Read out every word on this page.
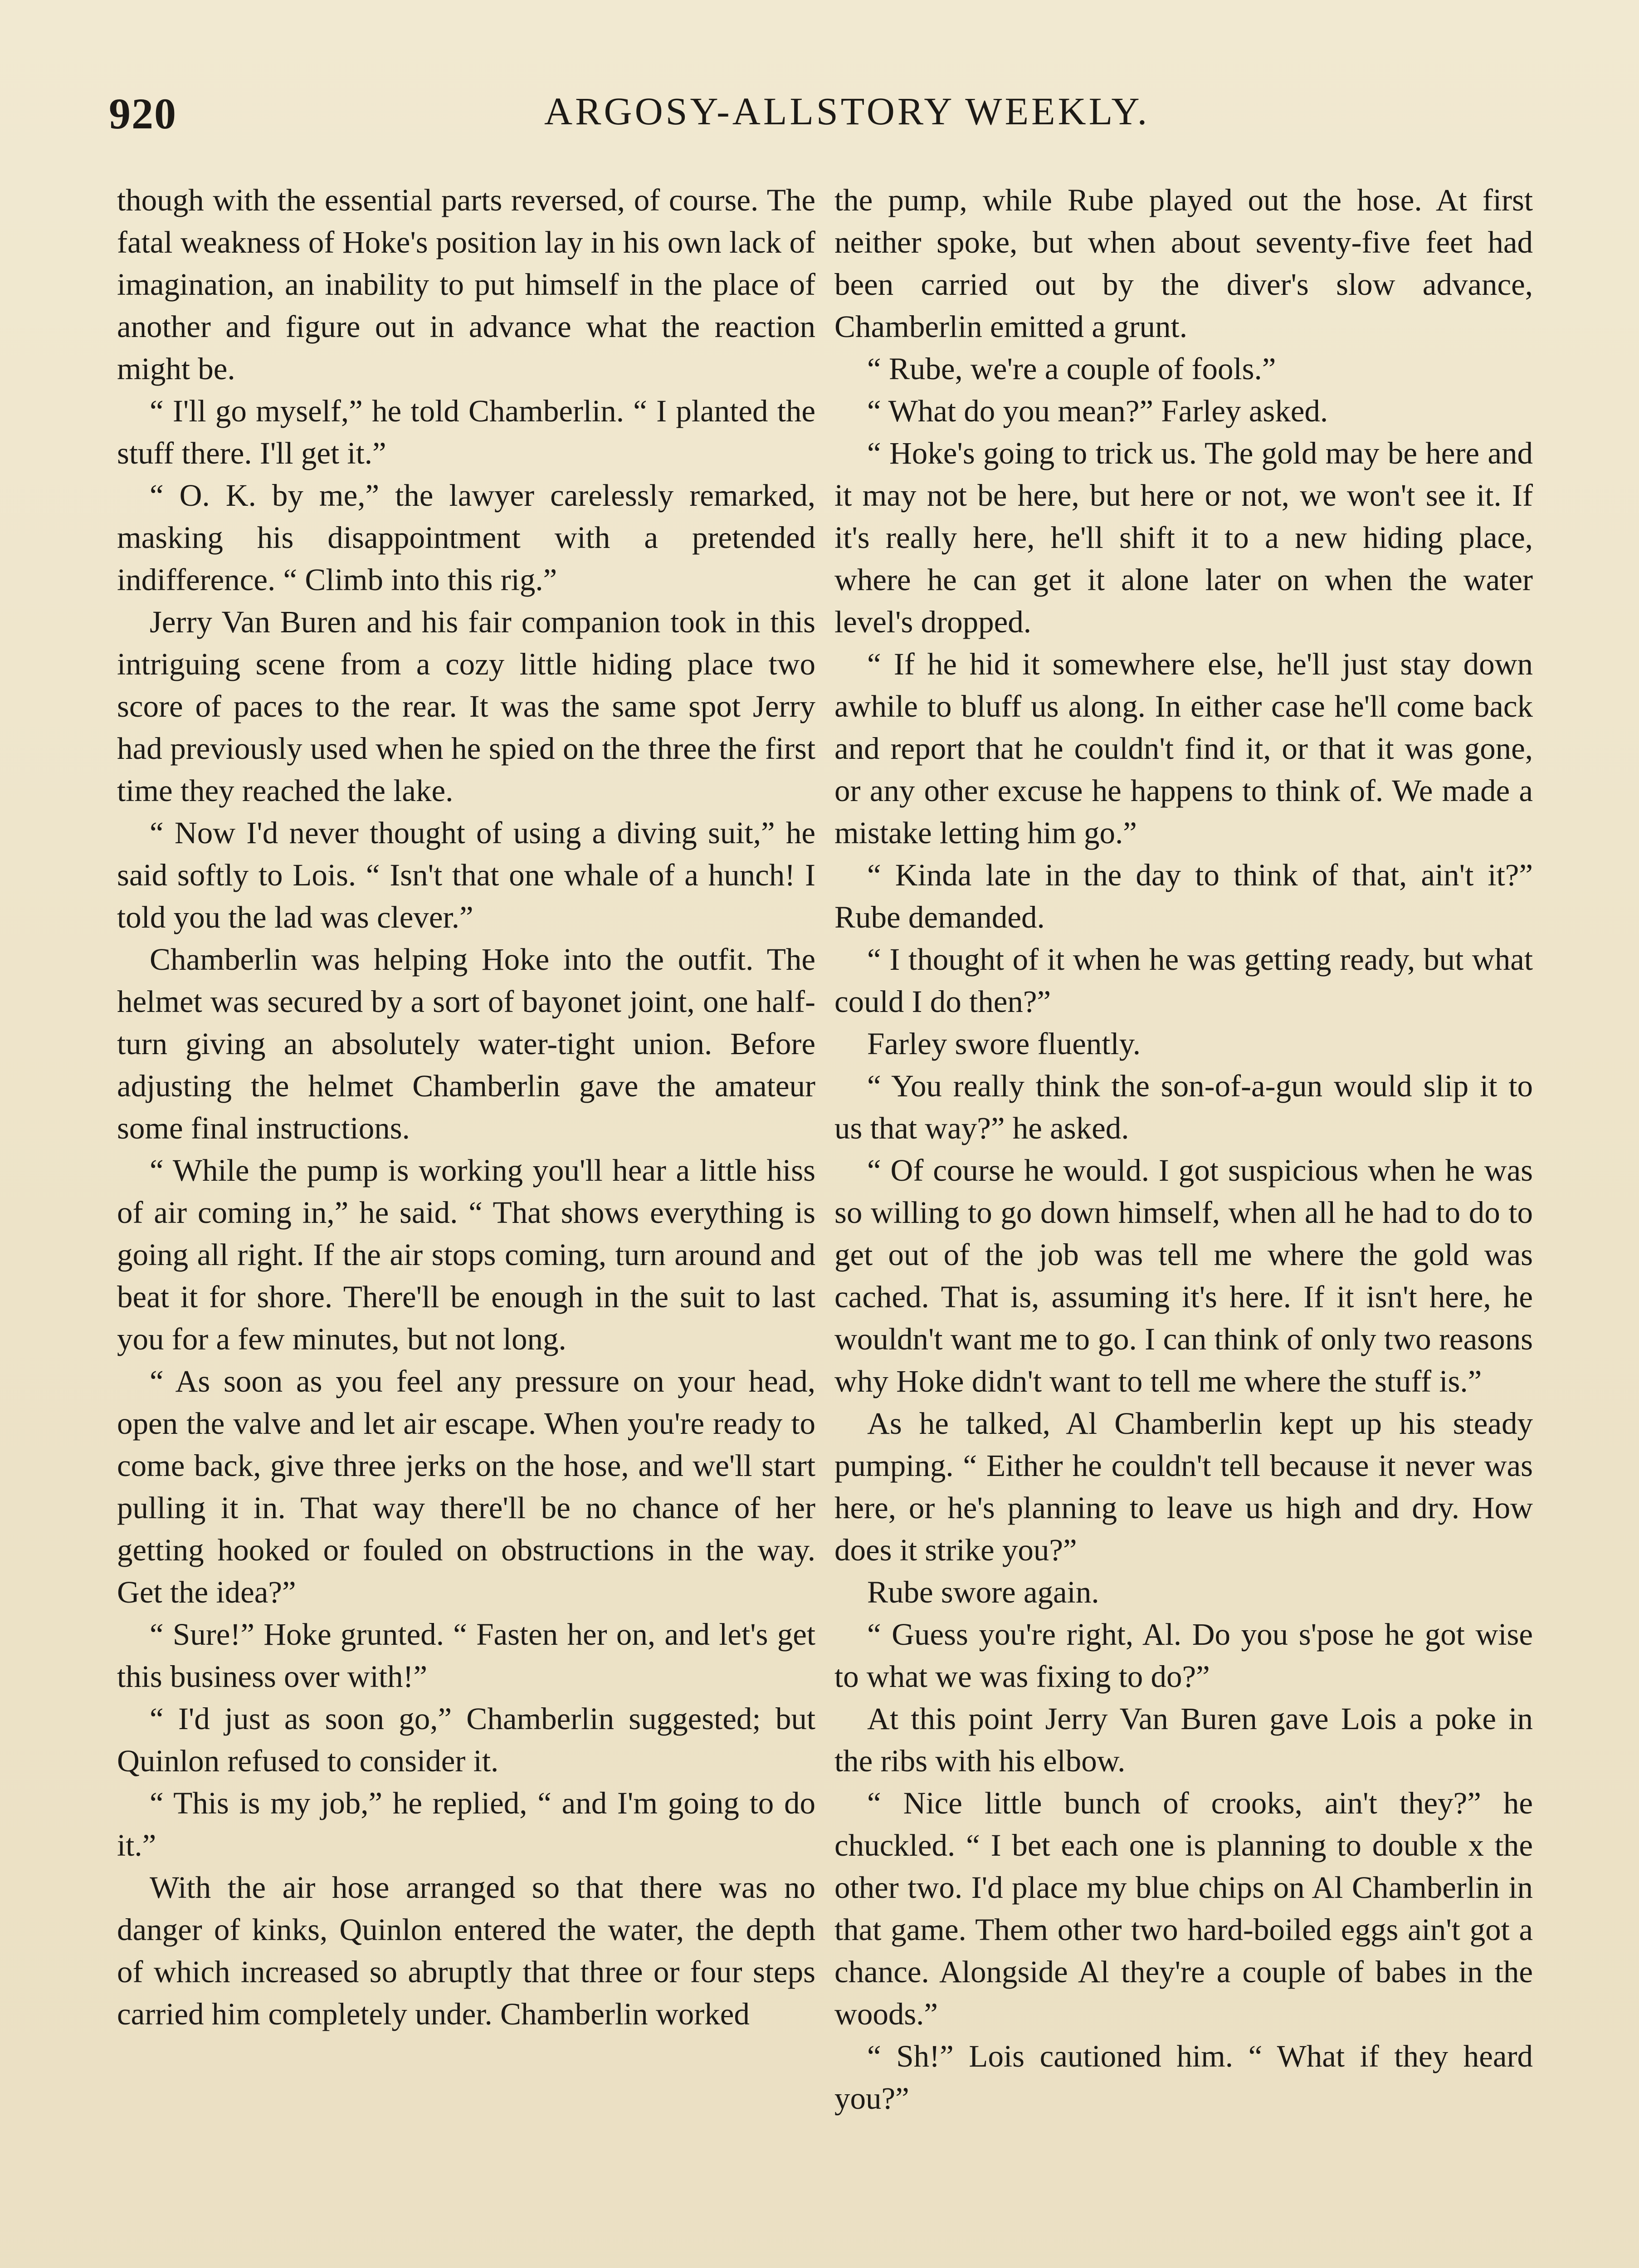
920	ARGOSY-ALLSTORY WEEKLY.

though with the essential parts reversed, of course. The fatal weakness of Hoke's position lay in his own lack of imagination, an inability to put himself in the place of another and figure out in advance what the reaction might be.

“ I'll go myself,” he told Chamberlin. “ I planted the stuff there. I'll get it.”

“ O. K. by me,” the lawyer carelessly remarked, masking his disappointment with a pretended indifference. “ Climb into this rig.”

Jerry Van Buren and his fair companion took in this intriguing scene from a cozy little hiding place two score of paces to the rear. It was the same spot Jerry had previously used when he spied on the three the first time they reached the lake.

“ Now I'd never thought of using a diving suit,” he said softly to Lois. “ Isn't that one whale of a hunch! I told you the lad was clever.”

Chamberlin was helping Hoke into the outfit. The helmet was secured by a sort of bayonet joint, one half-turn giving an absolutely water-tight union. Before adjusting the helmet Chamberlin gave the amateur some final instructions.

“ While the pump is working you'll hear a little hiss of air coming in,” he said. “ That shows everything is going all right. If the air stops coming, turn around and beat it for shore. There'll be enough in the suit to last you for a few minutes, but not long.

“ As soon as you feel any pressure on your head, open the valve and let air escape. When you're ready to come back, give three jerks on the hose, and we'll start pulling it in. That way there'll be no chance of her getting hooked or fouled on obstructions in the way. Get the idea?”

“ Sure!” Hoke grunted. “ Fasten her on, and let's get this business over with!”

“ I'd just as soon go,” Chamberlin suggested; but Quinlon refused to consider it.

“ This is my job,” he replied, “ and I'm going to do it.”

With the air hose arranged so that there was no danger of kinks, Quinlon entered the water, the depth of which increased so abruptly that three or four steps carried him completely under. Chamberlin worked

the pump, while Rube played out the hose. At first neither spoke, but when about seventy-five feet had been carried out by the diver's slow advance, Chamberlin emitted a grunt.

“ Rube, we're a couple of fools.”

“ What do you mean?” Farley asked.

“ Hoke's going to trick us. The gold may be here and it may not be here, but here or not, we won't see it. If it's really here, he'll shift it to a new hiding place, where he can get it alone later on when the water level's dropped.

“ If he hid it somewhere else, he'll just stay down awhile to bluff us along. In either case he'll come back and report that he couldn't find it, or that it was gone, or any other excuse he happens to think of. We made a mistake letting him go.”

“ Kinda late in the day to think of that, ain't it?” Rube demanded.

“ I thought of it when he was getting ready, but what could I do then?”

Farley swore fluently.

“ You really think the son-of-a-gun would slip it to us that way?” he asked.

“ Of course he would. I got suspicious when he was so willing to go down himself, when all he had to do to get out of the job was tell me where the gold was cached. That is, assuming it's here. If it isn't here, he wouldn't want me to go. I can think of only two reasons why Hoke didn't want to tell me where the stuff is.”

As he talked, Al Chamberlin kept up his steady pumping. “ Either he couldn't tell because it never was here, or he's planning to leave us high and dry. How does it strike you?”

Rube swore again.

“ Guess you're right, Al. Do you s'pose he got wise to what we was fixing to do?”

At this point Jerry Van Buren gave Lois a poke in the ribs with his elbow.

“ Nice little bunch of crooks, ain't they?” he chuckled. “ I bet each one is planning to double x the other two. I'd place my blue chips on Al Chamberlin in that game. Them other two hard-boiled eggs ain't got a chance. Alongside Al they're a couple of babes in the woods.”

“ Sh!” Lois cautioned him. “ What if they heard you?”
